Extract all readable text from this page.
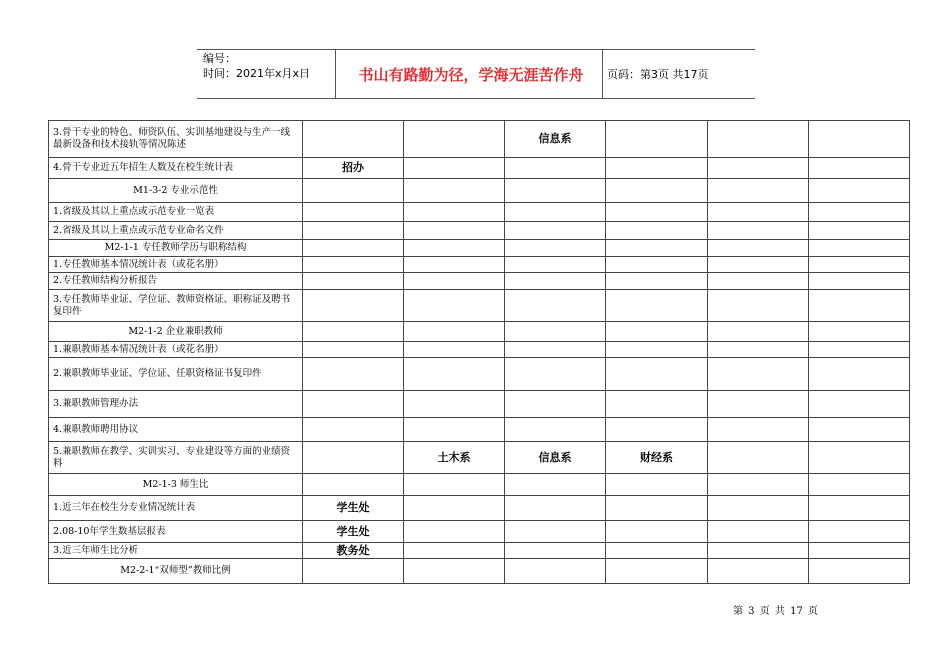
编号：
时间：2021年x月x日	书山有路勤为径，学海无涯苦作舟	页码：第3页 共17页
3.骨干专业的特色、师资队伍、实训基地建设与生产一线最新设备和技术接轨等情况陈述			信息系			
4.骨干专业近五年招生人数及在校生统计表	招办					
M1-3-2 专业示范性						
1.省级及其以上重点或示范专业一览表						
2.省级及其以上重点或示范专业命名文件						
M2-1-1 专任教师学历与职称结构						
1.专任教师基本情况统计表（或花名册）						
2.专任教师结构分析报告						
3.专任教师毕业证、学位证、教师资格证、职称证及聘书复印件						
M2-1-2 企业兼职教师						
1.兼职教师基本情况统计表（或花名册）						
2.兼职教师毕业证、学位证、任职资格证书复印件						
3.兼职教师管理办法						
4.兼职教师聘用协议						
5.兼职教师在教学、实训实习、专业建设等方面的业绩资料		土木系	信息系	财经系		
M2-1-3 师生比						
1.近三年在校生分专业情况统计表	学生处					
2.08-10年学生数基层报表	学生处					
3.近三年师生比分析	教务处					
M2-2-1“双师型”教师比例						
第 3 页 共 17 页
